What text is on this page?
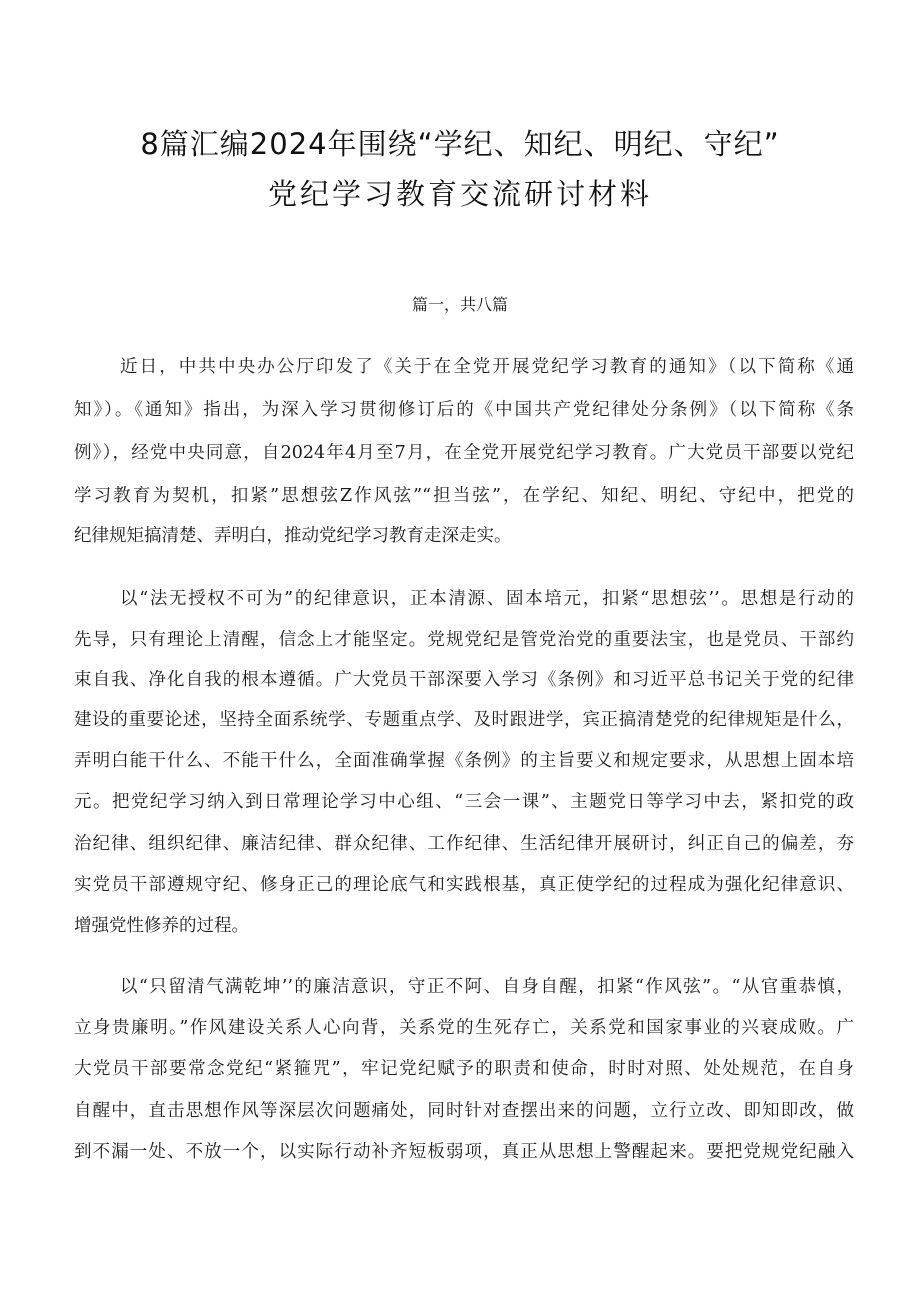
8篇汇编2024年围绕“学纪、知纪、明纪、守纪”
党纪学习教育交流研讨材料
篇一，共八篇
近日，中共中央办公厅印发了《关于在全党开展党纪学习教育的通知》（以下简称《通
知》）。《通知》指出，为深入学习贯彻修订后的《中国共产党纪律处分条例》（以下简称《条
例》），经党中央同意，自2024年4月至7月，在全党开展党纪学习教育。广大党员干部要以党纪
学习教育为契机，扣紧”思想弦Z作风弦”“担当弦”，在学纪、知纪、明纪、守纪中，把党的
纪律规矩搞清楚、弄明白，推动党纪学习教育走深走实。
以“法无授权不可为”的纪律意识，正本清源、固本培元，扣紧“思想弦’’。思想是行动的
先导，只有理论上清醒，信念上才能坚定。党规党纪是管党治党的重要法宝，也是党员、干部约
束自我、净化自我的根本遵循。广大党员干部深要入学习《条例》和习近平总书记关于党的纪律
建设的重要论述，坚持全面系统学、专题重点学、及时跟进学，宾正搞清楚党的纪律规矩是什么，
弄明白能干什么、不能干什么，全面准确掌握《条例》的主旨要义和规定要求，从思想上固本培
元。把党纪学习纳入到日常理论学习中心组、“三会一课”、主题党日等学习中去，紧扣党的政
治纪律、组织纪律、廉洁纪律、群众纪律、工作纪律、生活纪律开展研讨，纠正自己的偏差，夯
实党员干部遵规守纪、修身正己的理论底气和实践根基，真正使学纪的过程成为强化纪律意识、
增强党性修养的过程。
以“只留清气满乾坤’’的廉洁意识，守正不阿、自身自醒，扣紧“作风弦”。“从官重恭慎，
立身贵廉明。”作风建设关系人心向背，关系党的生死存亡，关系党和国家事业的兴衰成败。广
大党员干部要常念党纪“紧箍咒”，牢记党纪赋予的职责和使命，时时对照、处处规范，在自身
自醒中，直击思想作风等深层次问题痛处，同时针对查摆出来的问题，立行立改、即知即改，做
到不漏一处、不放一个，以实际行动补齐短板弱项，真正从思想上警醒起来。要把党规党纪融入
